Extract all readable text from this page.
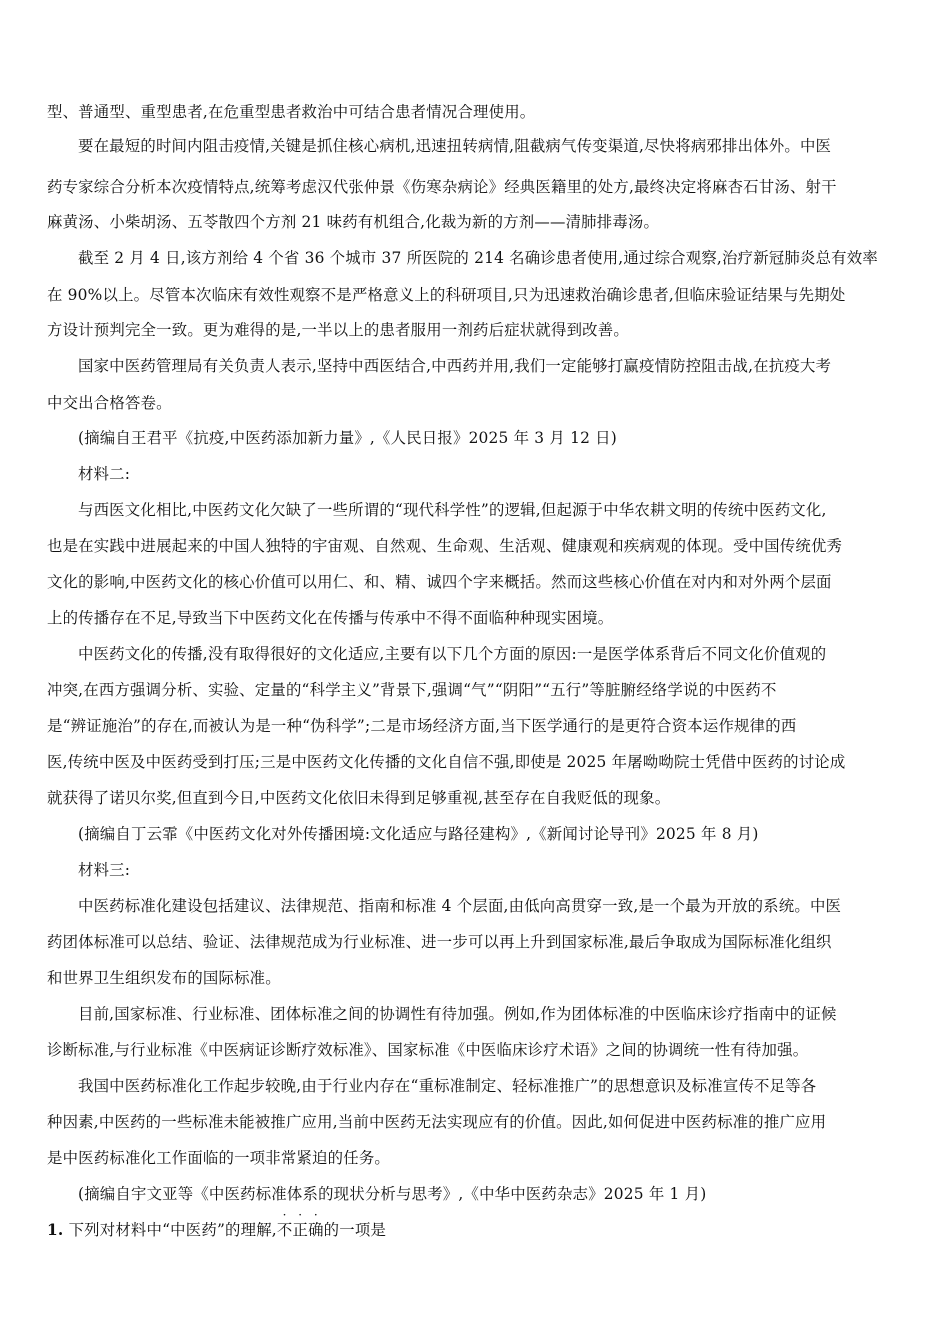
型、普通型、重型患者,在危重型患者救治中可结合患者情况合理使用。
要在最短的时间内阻击疫情,关键是抓住核心病机,迅速扭转病情,阻截病气传变渠道,尽快将病邪排出体外。中医
药专家综合分析本次疫情特点,统筹考虑汉代张仲景《伤寒杂病论》经典医籍里的处方,最终决定将麻杏石甘汤、射干
麻黄汤、小柴胡汤、五苓散四个方剂 21 味药有机组合,化裁为新的方剂——清肺排毒汤。
截至 2 月 4 日,该方剂给 4 个省 36 个城市 37 所医院的 214 名确诊患者使用,通过综合观察,治疗新冠肺炎总有效率
在 90%以上。尽管本次临床有效性观察不是严格意义上的科研项目,只为迅速救治确诊患者,但临床验证结果与先期处
方设计预判完全一致。更为难得的是,一半以上的患者服用一剂药后症状就得到改善。
国家中医药管理局有关负责人表示,坚持中西医结合,中西药并用,我们一定能够打赢疫情防控阻击战,在抗疫大考
中交出合格答卷。
(摘编自王君平《抗疫,中医药添加新力量》,《人民日报》2025 年 3 月 12 日)
材料二:
与西医文化相比,中医药文化欠缺了一些所谓的“现代科学性”的逻辑,但起源于中华农耕文明的传统中医药文化,
也是在实践中进展起来的中国人独特的宇宙观、自然观、生命观、生活观、健康观和疾病观的体现。受中国传统优秀
文化的影响,中医药文化的核心价值可以用仁、和、精、诚四个字来概括。然而这些核心价值在对内和对外两个层面
上的传播存在不足,导致当下中医药文化在传播与传承中不得不面临种种现实困境。
中医药文化的传播,没有取得很好的文化适应,主要有以下几个方面的原因:一是医学体系背后不同文化价值观的
冲突,在西方强调分析、实验、定量的“科学主义”背景下,强调“气”“阴阳”“五行”等脏腑经络学说的中医药不
是“辨证施治”的存在,而被认为是一种“伪科学”;二是市场经济方面,当下医学通行的是更符合资本运作规律的西
医,传统中医及中医药受到打压;三是中医药文化传播的文化自信不强,即使是 2025 年屠呦呦院士凭借中医药的讨论成
就获得了诺贝尔奖,但直到今日,中医药文化依旧未得到足够重视,甚至存在自我贬低的现象。
(摘编自丁云霏《中医药文化对外传播困境:文化适应与路径建构》,《新闻讨论导刊》2025 年 8 月)
材料三:
中医药标准化建设包括建议、法律规范、指南和标准 4 个层面,由低向高贯穿一致,是一个最为开放的系统。中医
药团体标准可以总结、验证、法律规范成为行业标准、进一步可以再上升到国家标准,最后争取成为国际标准化组织
和世界卫生组织发布的国际标准。
目前,国家标准、行业标准、团体标准之间的协调性有待加强。例如,作为团体标准的中医临床诊疗指南中的证候
诊断标准,与行业标准《中医病证诊断疗效标准》、国家标准《中医临床诊疗术语》之间的协调统一性有待加强。
我国中医药标准化工作起步较晚,由于行业内存在“重标准制定、轻标准推广”的思想意识及标准宣传不足等各
种因素,中医药的一些标准未能被推广应用,当前中医药无法实现应有的价值。因此,如何促进中医药标准的推广应用
是中医药标准化工作面临的一项非常紧迫的任务。
(摘编自宇文亚等《中医药标准体系的现状分析与思考》,《中华中医药杂志》2025 年 1 月)
1. 下列对材料中“中医药”的理解,不正确的一项是
